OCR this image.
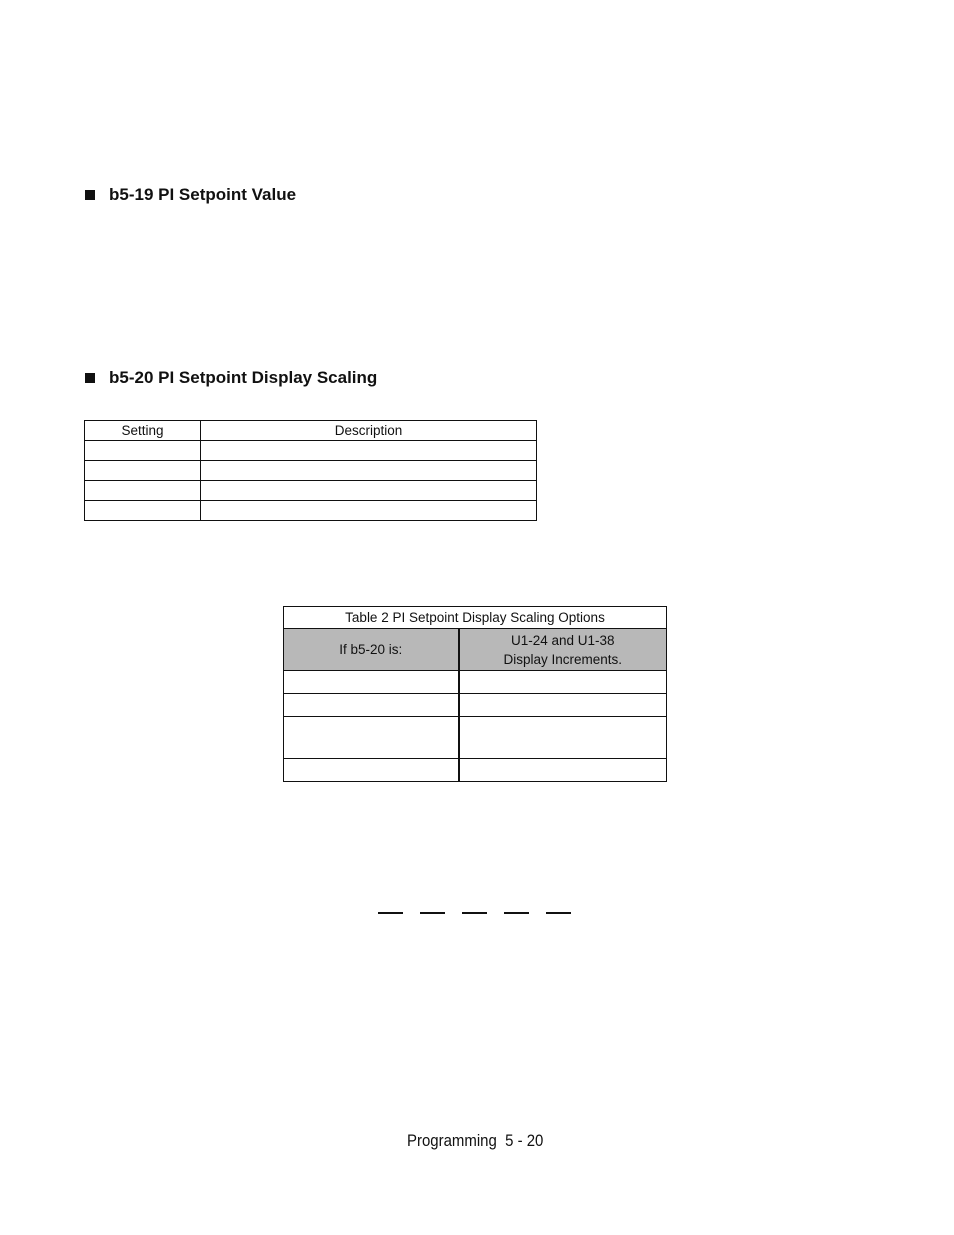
b5-19 PI Setpoint Value
b5-20 PI Setpoint Display Scaling
Setting	Description

Table 2 PI Setpoint Display Scaling Options	
If b5-20 is:	U1-24 and U1-38
Display Increments.

Programming  5 - 20
